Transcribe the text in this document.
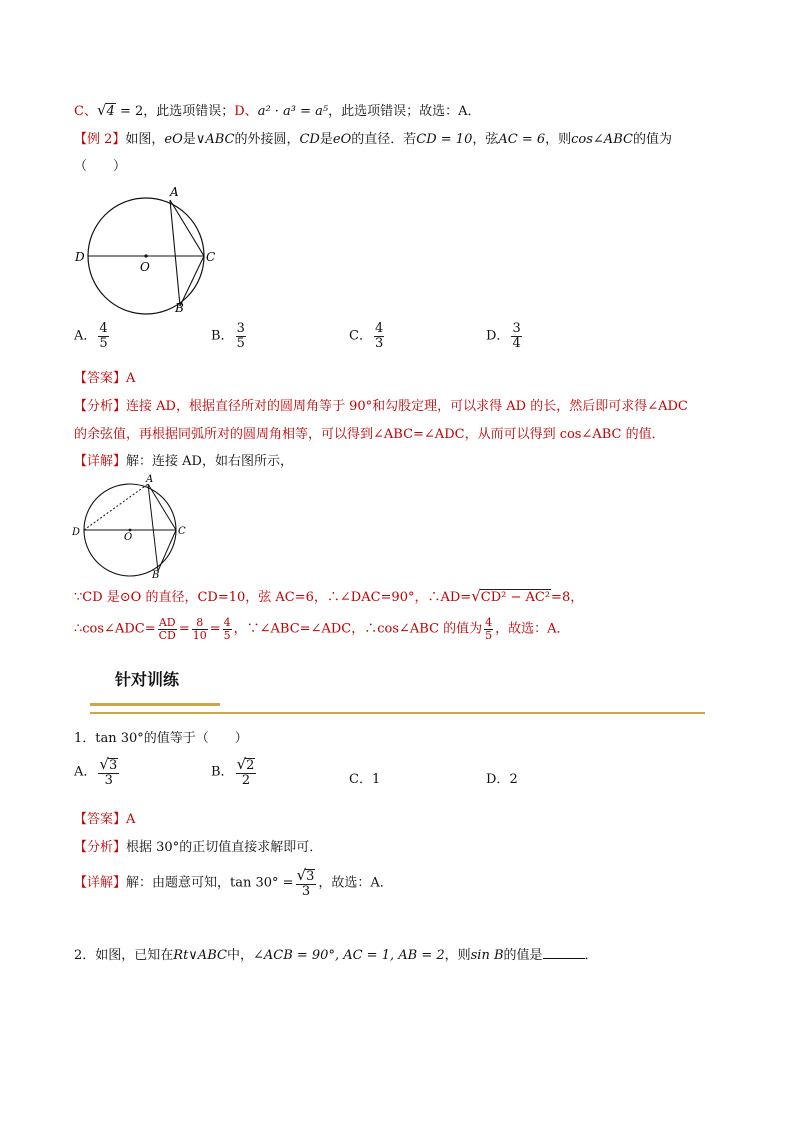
C、√4 = 2，此选项错误；D、a² · a³ = a⁵，此选项错误；故选：A．
【例 2】如图，eO是∨ABC的外接圆，CD是eO的直径．若CD = 10，弦AC = 6，则cos∠ABC的值为
（　　）
A
D
O
C
B
A． $\frac{4}{5}$	B． $\frac{3}{5}$	C． $\frac{4}{3}$	D． $\frac{3}{4}$
【答案】A
【分析】连接 AD，根据直径所对的圆周角等于 90°和勾股定理，可以求得 AD 的长，然后即可求得∠ADC
的余弦值，再根据同弧所对的圆周角相等，可以得到∠ABC=∠ADC，从而可以得到 cos∠ABC 的值．
【详解】解：连接 AD，如右图所示，
A
D	O
C
B
∵CD 是⊙O 的直径，CD=10，弦 AC=6，∴∠DAC=90°，∴AD=√CD² − AC²=8，
∴cos∠ADC= $\frac{AD}{CD} = \frac{8}{10} = \frac{4}{5}$ ，∵∠ABC=∠ADC，∴cos∠ABC 的值为 $\frac{4}{5}$ ，故选：A．
针对训练
1．tan 30°的值等于（　　）
A． $\frac{√3}{3}$	B． $\frac{√2}{2}$	C．1	D．2
【答案】A
【分析】根据 30°的正切值直接求解即可．
【详解】解：由题意可知，$\tan 30^\circ = \frac{√3}{3}$ ，故选：A．
2．如图，已知在Rt∨ABC中，∠ACB = 90°, AC = 1, AB = 2，则sin B的值是	．
